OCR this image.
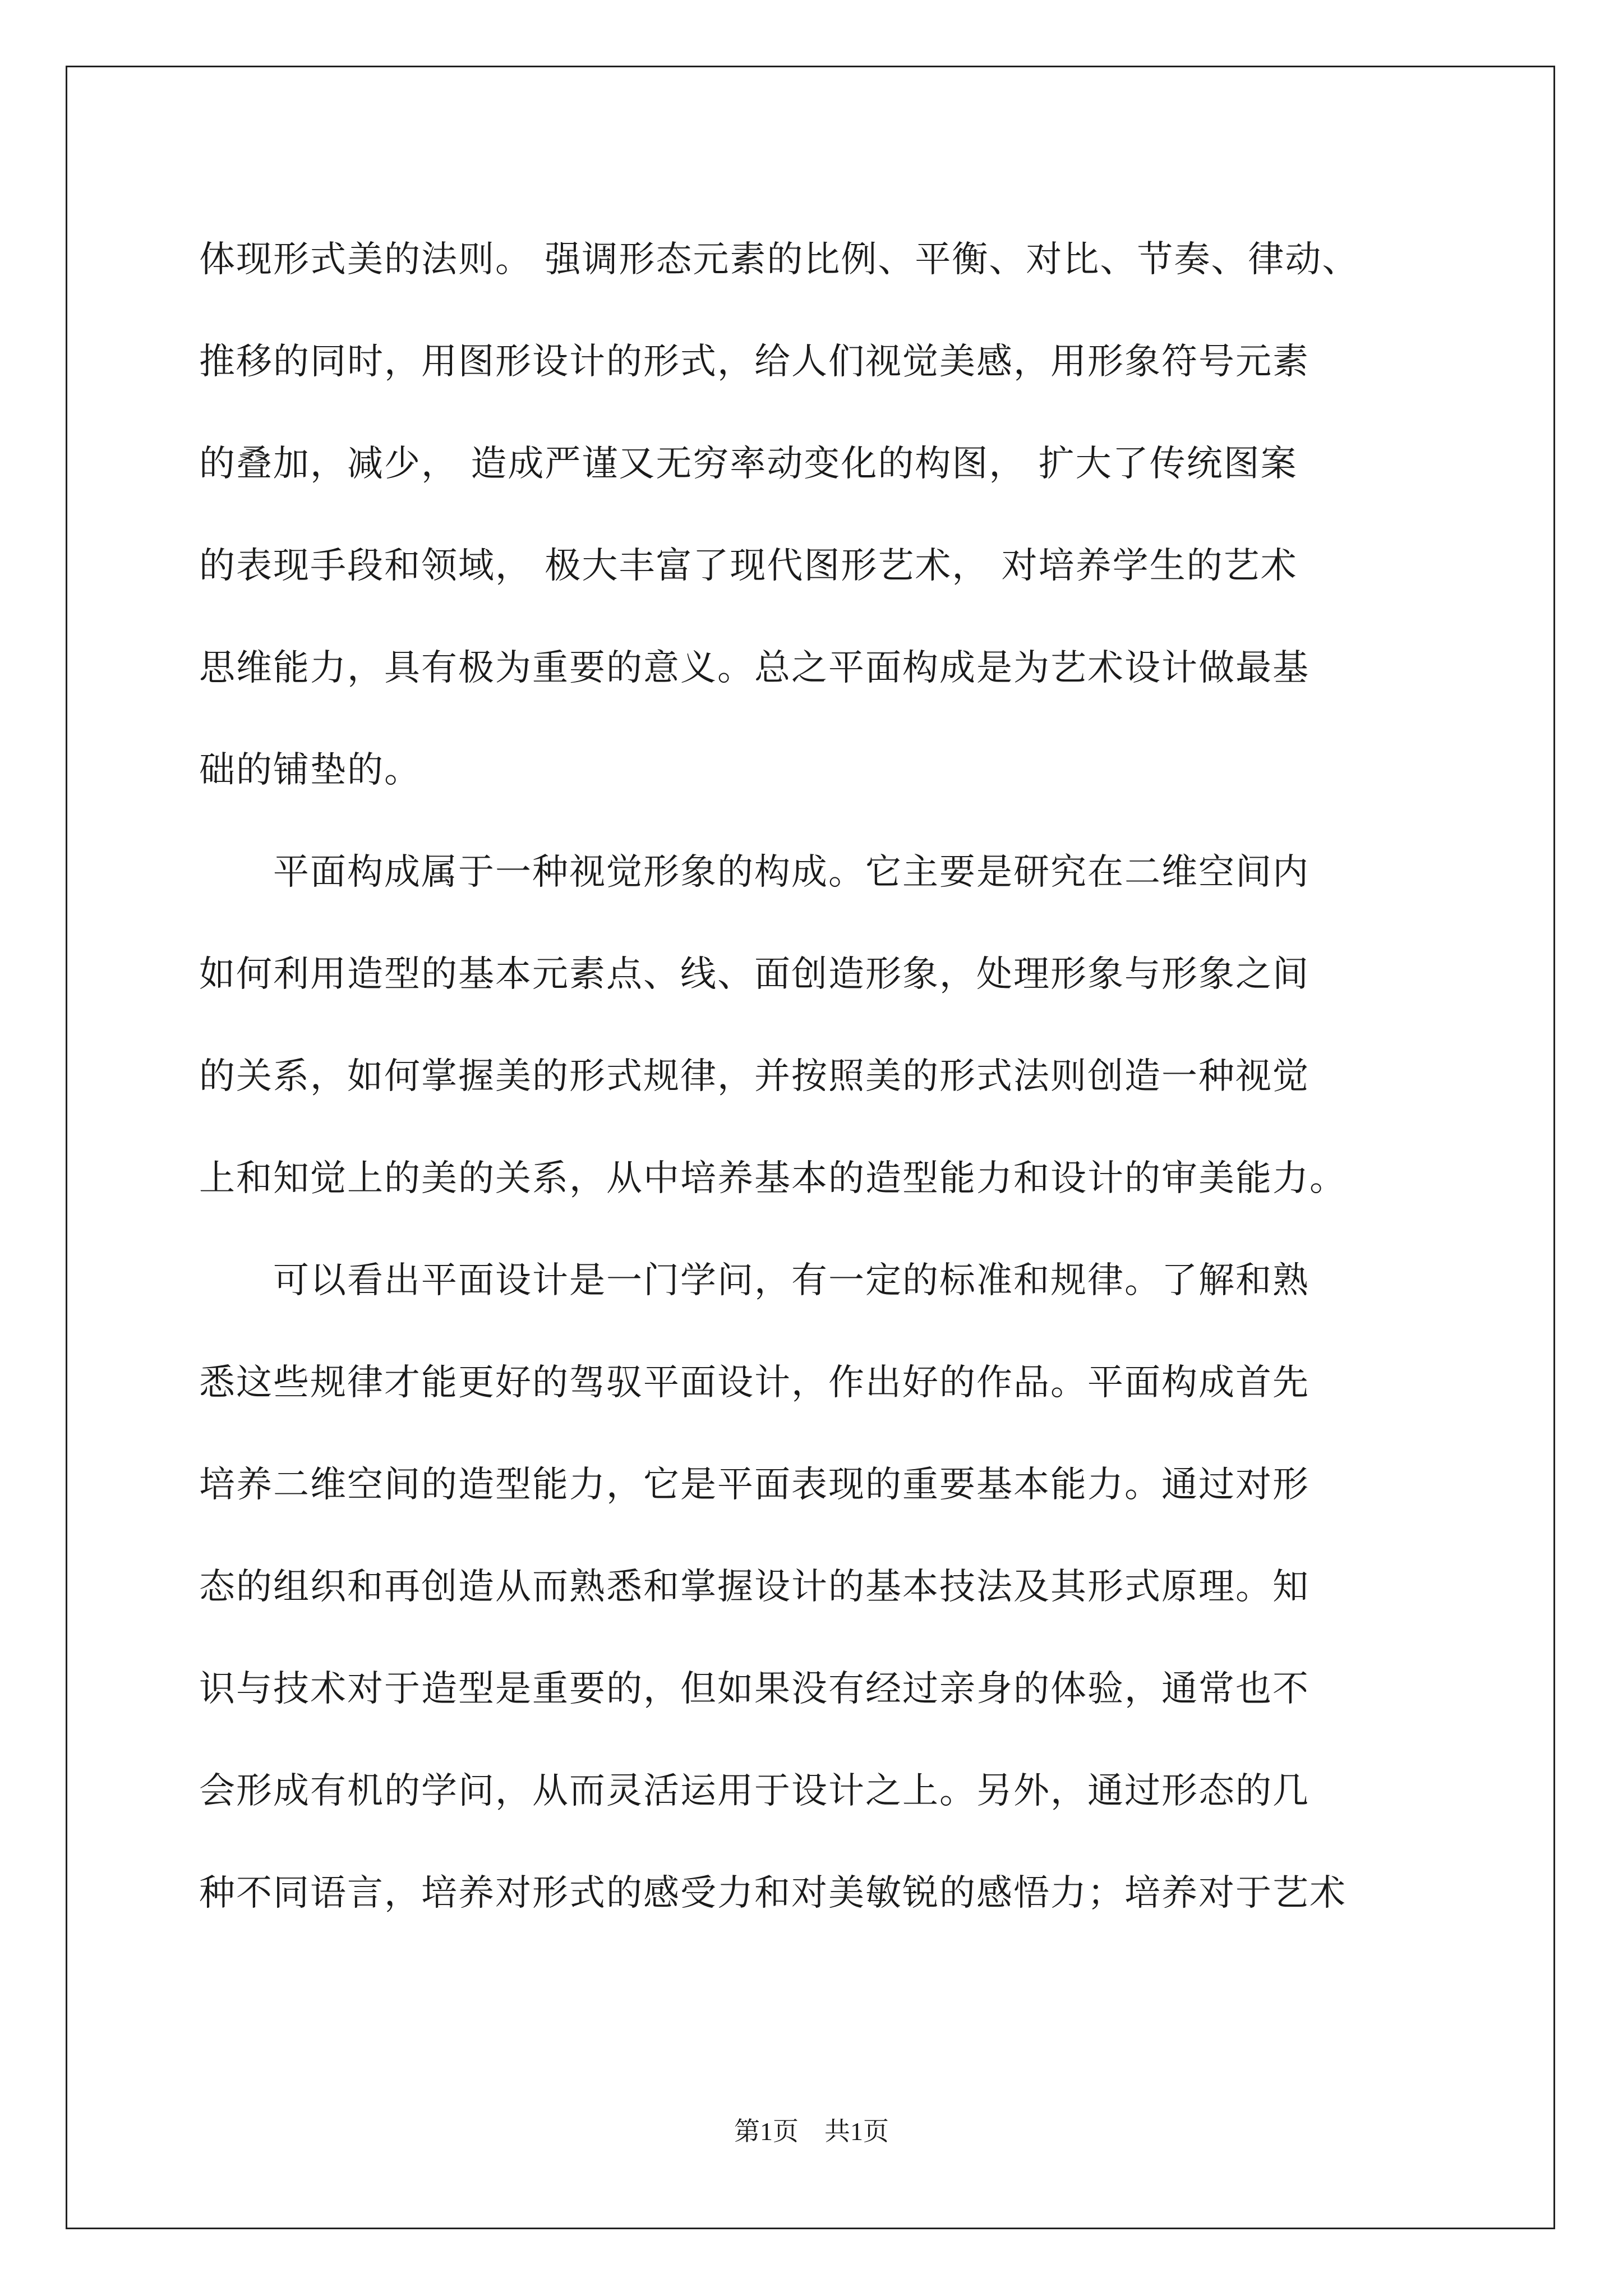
体现形式美的法则。 强调形态元素的比例、平衡、对比、节奏、律动、
推移的同时，用图形设计的形式，给人们视觉美感，用形象符号元素
的叠加，减少， 造成严谨又无穷率动变化的构图， 扩大了传统图案
的表现手段和领域， 极大丰富了现代图形艺术， 对培养学生的艺术
思维能力，具有极为重要的意义。总之平面构成是为艺术设计做最基
础的铺垫的。
　　平面构成属于一种视觉形象的构成。它主要是研究在二维空间内
如何利用造型的基本元素点、线、面创造形象，处理形象与形象之间
的关系，如何掌握美的形式规律，并按照美的形式法则创造一种视觉
上和知觉上的美的关系，从中培养基本的造型能力和设计的审美能力。
　　可以看出平面设计是一门学问，有一定的标准和规律。了解和熟
悉这些规律才能更好的驾驭平面设计，作出好的作品。平面构成首先
培养二维空间的造型能力，它是平面表现的重要基本能力。通过对形
态的组织和再创造从而熟悉和掌握设计的基本技法及其形式原理。知
识与技术对于造型是重要的，但如果没有经过亲身的体验，通常也不
会形成有机的学问，从而灵活运用于设计之上。另外，通过形态的几
种不同语言，培养对形式的感受力和对美敏锐的感悟力；培养对于艺术
第1页　共1页
